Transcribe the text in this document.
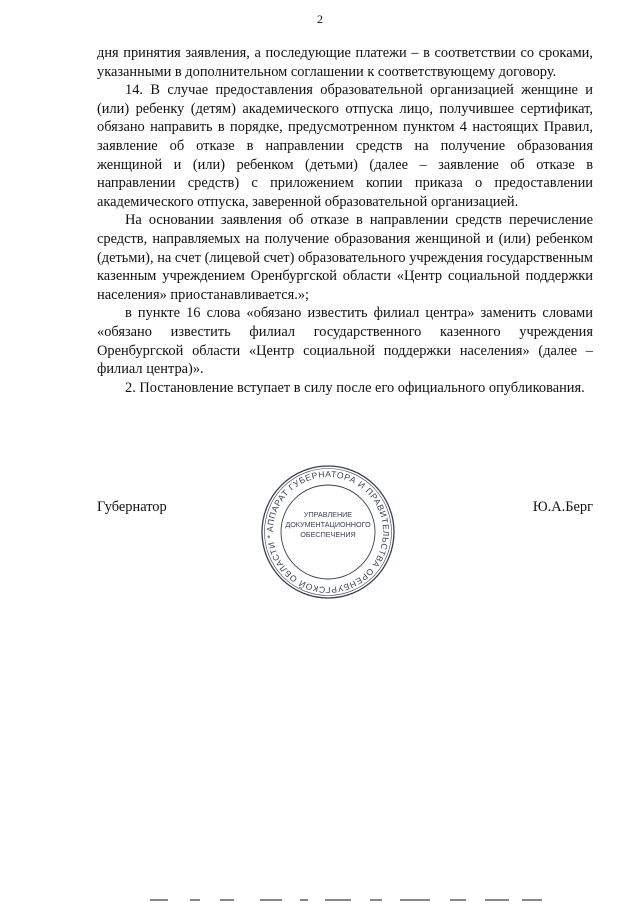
2

дня принятия заявления, а последующие платежи – в соответствии со сроками, указанными в дополнительном соглашении к соответствующему договору.

14. В случае предоставления образовательной организацией женщине и (или) ребенку (детям) академического отпуска лицо, получившее сертификат, обязано направить в порядке, предусмотренном пунктом 4 настоящих Правил, заявление об отказе в направлении средств на получение образования женщиной и (или) ребенком (детьми) (далее – заявление об отказе в направлении средств) с приложением копии приказа о предоставлении академического отпуска, заверенной образовательной организацией.

На основании заявления об отказе в направлении средств перечисление средств, направляемых на получение образования женщиной и (или) ребенком (детьми), на счет (лицевой счет) образовательного учреждения государственным казенным учреждением Оренбургской области «Центр социальной поддержки населения» приостанавливается.»;

в пункте 16 слова «обязано известить филиал центра» заменить словами «обязано известить филиал государственного казенного учреждения Оренбургской области «Центр социальной поддержки населения» (далее – филиал центра)».

2. Постановление вступает в силу после его официального опубликования.

Губернатор	Ю.А.Берг
АППАРАТ ГУБЕРНАТОРА И ПРАВИТЕЛЬСТВА ОРЕНБУРГСКОЙ ОБЛАСТИ *
УПРАВЛЕНИЕ
ДОКУМЕНТАЦИОННОГО
ОБЕСПЕЧЕНИЯ
